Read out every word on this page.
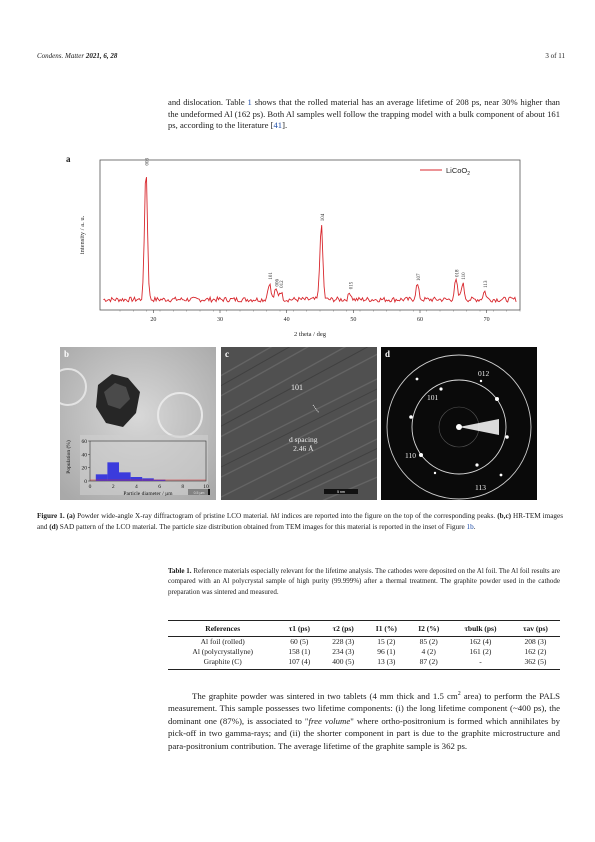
Condens. Matter 2021, 6, 28	3 of 11

and dislocation. Table 1 shows that the rolled material has an average lifetime of 208 ps, near 30% higher than the undeformed Al (162 ps). Both Al samples well follow the trapping model with a bulk component of about 161 ps, according to the literature [41].

a	003
101
006 012
104
015
107
018 110
113
20	30	40	50	60	70
2 theta / deg
intensity / a. u.
LiCoO$_2$
b
0
20
40
60
0	2	4	6	8	10
Particle diameter / µm
Population (%)
5 nm
c
101
d spacing
2.46 Å
d
012
101
110
113
Figure 1. (a) Powder wide-angle X-ray diffractogram of pristine LCO material. hkl indices are reported into the figure on the top of the corresponding peaks. (b,c) HR-TEM images and (d) SAD pattern of the LCO material. The particle size distribution obtained from TEM images for this material is reported in the inset of Figure 1b.
Table 1. Reference materials especially relevant for the lifetime analysis. The cathodes were deposited on the Al foil. The Al foil results are compared with an Al polycrystal sample of high purity (99.999%) after a thermal treatment. The graphite powder used in the cathode preparation was sintered and measured.
References	τ1 (ps)	τ2 (ps)	I1 (%)	I2 (%)	τbulk (ps)	τav (ps)
Al foil (rolled)	60 (5)	228 (3)	15 (2)	85 (2)	162 (4)	208 (3)
Al (polycrystallyne)	158 (1)	234 (3)	96 (1)	4 (2)	161 (2)	162 (2)
Graphite (C)	107 (4)	400 (5)	13 (3)	87 (2)	-	362 (5)

The graphite powder was sintered in two tablets (4 mm thick and 1.5 $cm^2$ area) to perform the PALS measurement. This sample possesses two lifetime components: (i) the long lifetime component (~400 ps), the dominant one (87%), is associated to "free volume" where ortho-positronium is formed which annihilates by pick-off in two gamma-rays; and (ii) the shorter component in part is due to the graphite microstructure and para-positronium contribution. The average lifetime of the graphite sample is 362 ps.
